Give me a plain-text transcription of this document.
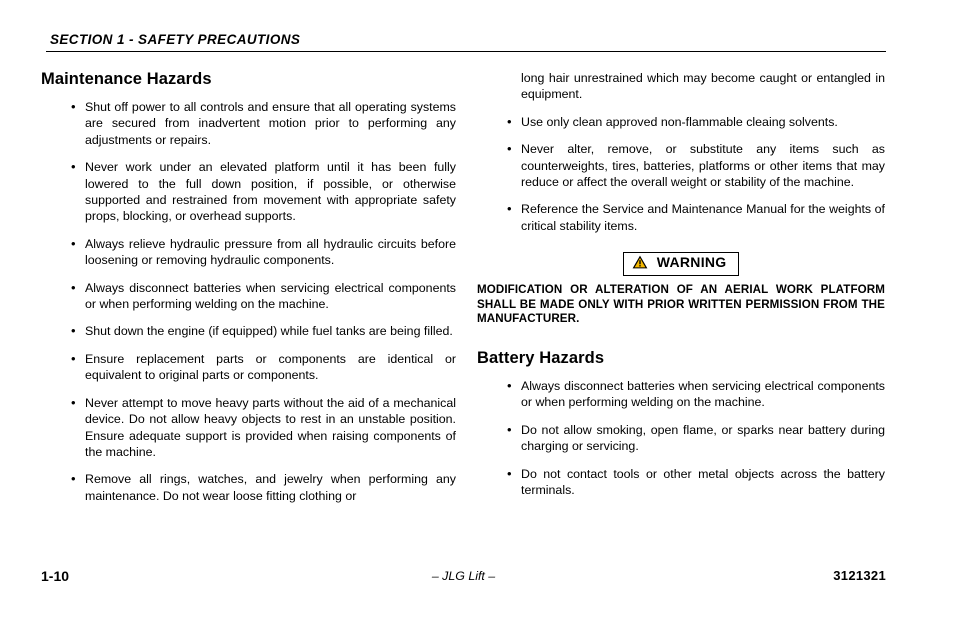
SECTION 1 - SAFETY PRECAUTIONS
Maintenance Hazards
• Shut off power to all controls and ensure that all operating systems are secured from inadvertent motion prior to performing any adjustments or repairs.
• Never work under an elevated platform until it has been fully lowered to the full down position, if possible, or otherwise supported and restrained from movement with appropriate safety props, blocking, or overhead supports.
• Always relieve hydraulic pressure from all hydraulic circuits before loosening or removing hydraulic components.
• Always disconnect batteries when servicing electrical components or when performing welding on the machine.
• Shut down the engine (if equipped) while fuel tanks are being filled.
• Ensure replacement parts or components are identical or equivalent to original parts or components.
• Never attempt to move heavy parts without the aid of a mechanical device. Do not allow heavy objects to rest in an unstable position. Ensure adequate support is provided when raising components of the machine.
• Remove all rings, watches, and jewelry when performing any maintenance. Do not wear loose fitting clothing or

long hair unrestrained which may become caught or entangled in equipment.

• Use only clean approved non-flammable cleaing solvents.
• Never alter, remove, or substitute any items such as counterweights, tires, batteries, platforms or other items that may reduce or affect the overall weight or stability of the machine.
• Reference the Service and Maintenance Manual for the weights of critical stability items.
WARNING
MODIFICATION OR ALTERATION OF AN AERIAL WORK PLATFORM SHALL BE MADE ONLY WITH PRIOR WRITTEN PERMISSION FROM THE MANUFACTURER.
Battery Hazards
• Always disconnect batteries when servicing electrical components or when performing welding on the machine.
• Do not allow smoking, open flame, or sparks near battery during charging or servicing.
• Do not contact tools or other metal objects across the battery terminals.
1-10	– JLG Lift –	3121321
